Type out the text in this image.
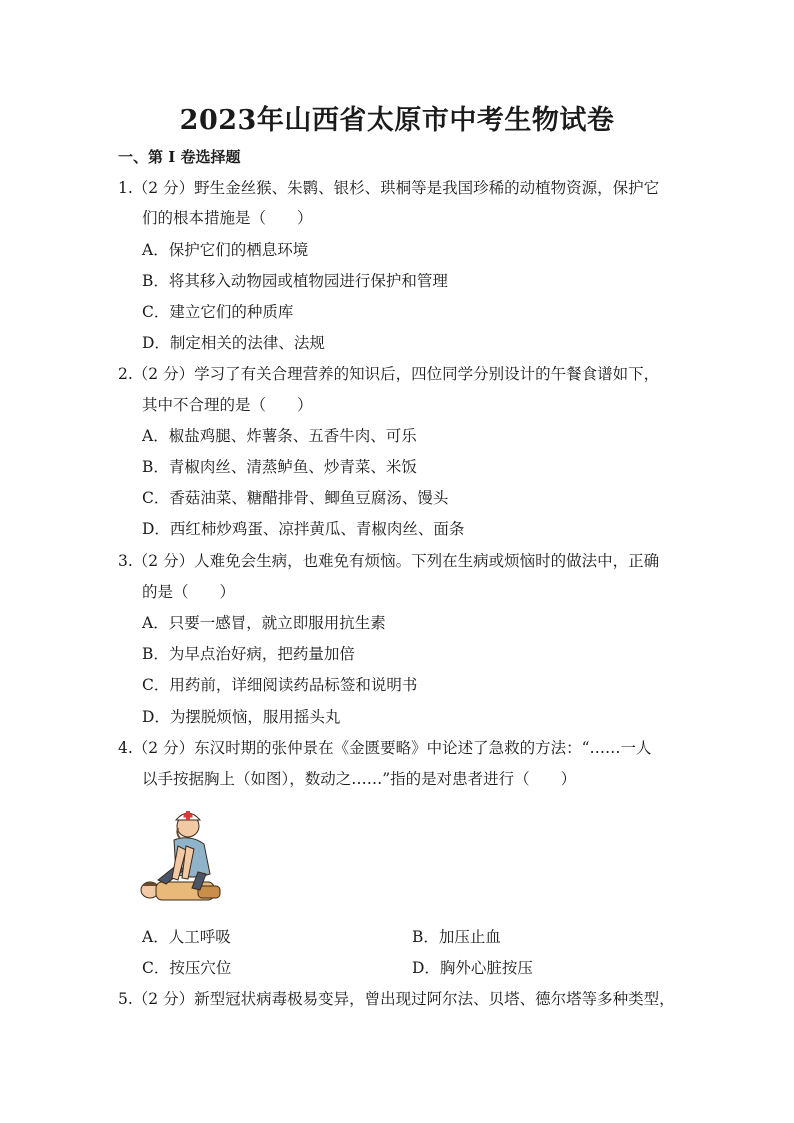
2023年山西省太原市中考生物试卷
一、第 I 卷选择题
1.（2 分）野生金丝猴、朱鹮、银杉、珙桐等是我国珍稀的动植物资源，保护它
们的根本措施是（　　）
A．保护它们的栖息环境
B．将其移入动物园或植物园进行保护和管理
C．建立它们的种质库
D．制定相关的法律、法规
2.（2 分）学习了有关合理营养的知识后，四位同学分别设计的午餐食谱如下，
其中不合理的是（　　）
A．椒盐鸡腿、炸薯条、五香牛肉、可乐
B．青椒肉丝、清蒸鲈鱼、炒青菜、米饭
C．香菇油菜、糖醋排骨、鲫鱼豆腐汤、馒头
D．西红柿炒鸡蛋、凉拌黄瓜、青椒肉丝、面条
3.（2 分）人难免会生病，也难免有烦恼。下列在生病或烦恼时的做法中，正确
的是（　　）
A．只要一感冒，就立即服用抗生素
B．为早点治好病，把药量加倍
C．用药前，详细阅读药品标签和说明书
D．为摆脱烦恼，服用摇头丸
4.（2 分）东汉时期的张仲景在《金匮要略》中论述了急救的方法：“……一人
以手按据胸上（如图），数动之……”指的是对患者进行（　　）
A．人工呼吸	B．加压止血
C．按压穴位	D．胸外心脏按压
5.（2 分）新型冠状病毒极易变异，曾出现过阿尔法、贝塔、德尔塔等多种类型，
